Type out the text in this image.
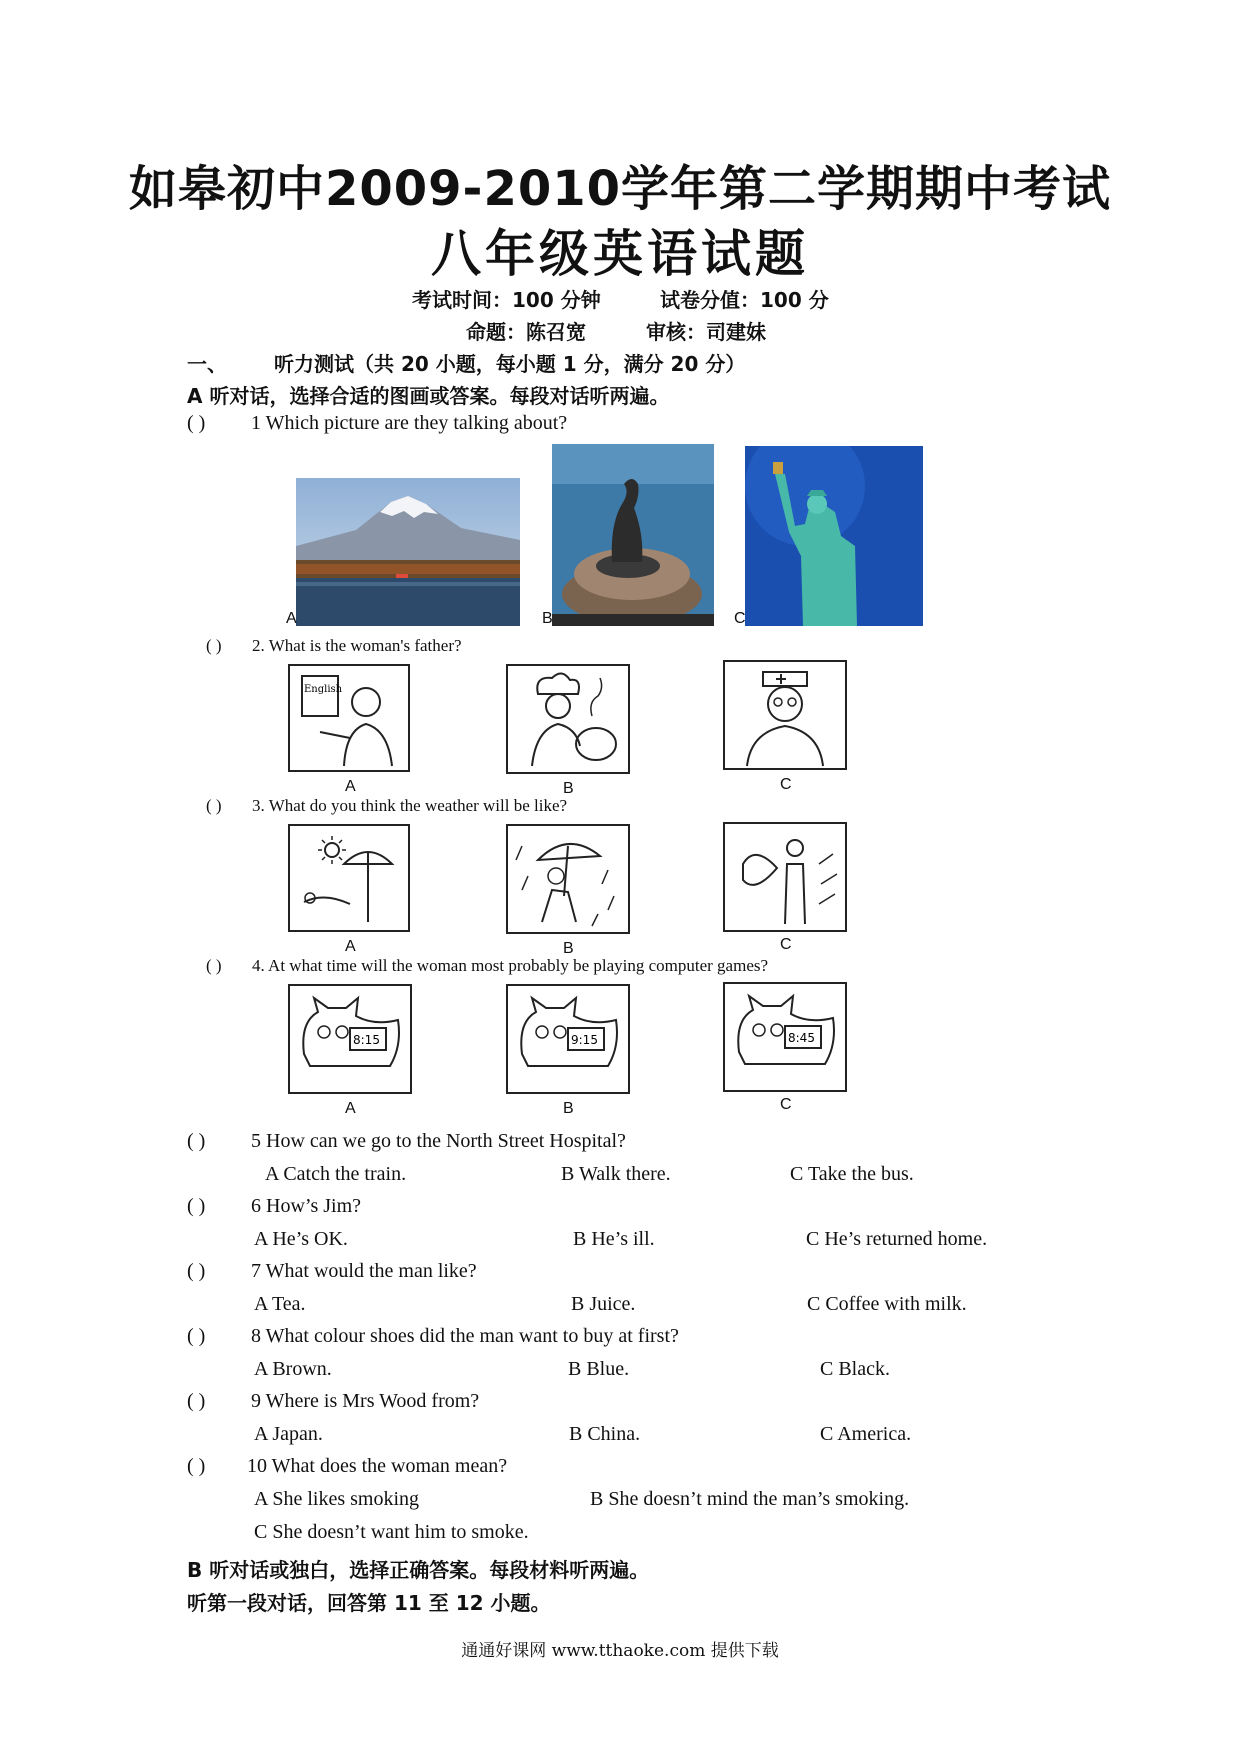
如皋初中2009-2010学年第二学期期中考试
八年级英语试题
考试时间：100 分钟	试卷分值：100 分
命题：陈召宽	审核：司建妹
一、 听力测试（共 20 小题，每小题 1 分，满分 20 分）
A 听对话，选择合适的图画或答案。每段对话听两遍。
( ) 1 Which picture are they talking about?
A	B	C
( ) 2. What is the woman's father?
English
A	B	C
( ) 3. What do you think the weather will be like?
A	B	C
( ) 4. At what time will the woman most probably be playing computer games?
8:15
A
9:15
B
8:45
C
( ) 5 How can we go to the North Street Hospital?
A Catch the train.	B Walk there.	C Take the bus.
( ) 6 How’s Jim?
A He’s OK.	B He’s ill.	C He’s returned home.
( ) 7 What would the man like?
A Tea.	B Juice.	C Coffee with milk.
( ) 8 What colour shoes did the man want to buy at first?
A Brown.	B Blue.	C Black.
( ) 9 Where is Mrs Wood from?
A Japan.	B China.	C America.
( ) 10 What does the woman mean?
A She likes smoking	B She doesn’t mind the man’s smoking.
C She doesn’t want him to smoke.
B 听对话或独白，选择正确答案。每段材料听两遍。
听第一段对话，回答第 11 至 12 小题。
通通好课网 www.tthaoke.com 提供下载
